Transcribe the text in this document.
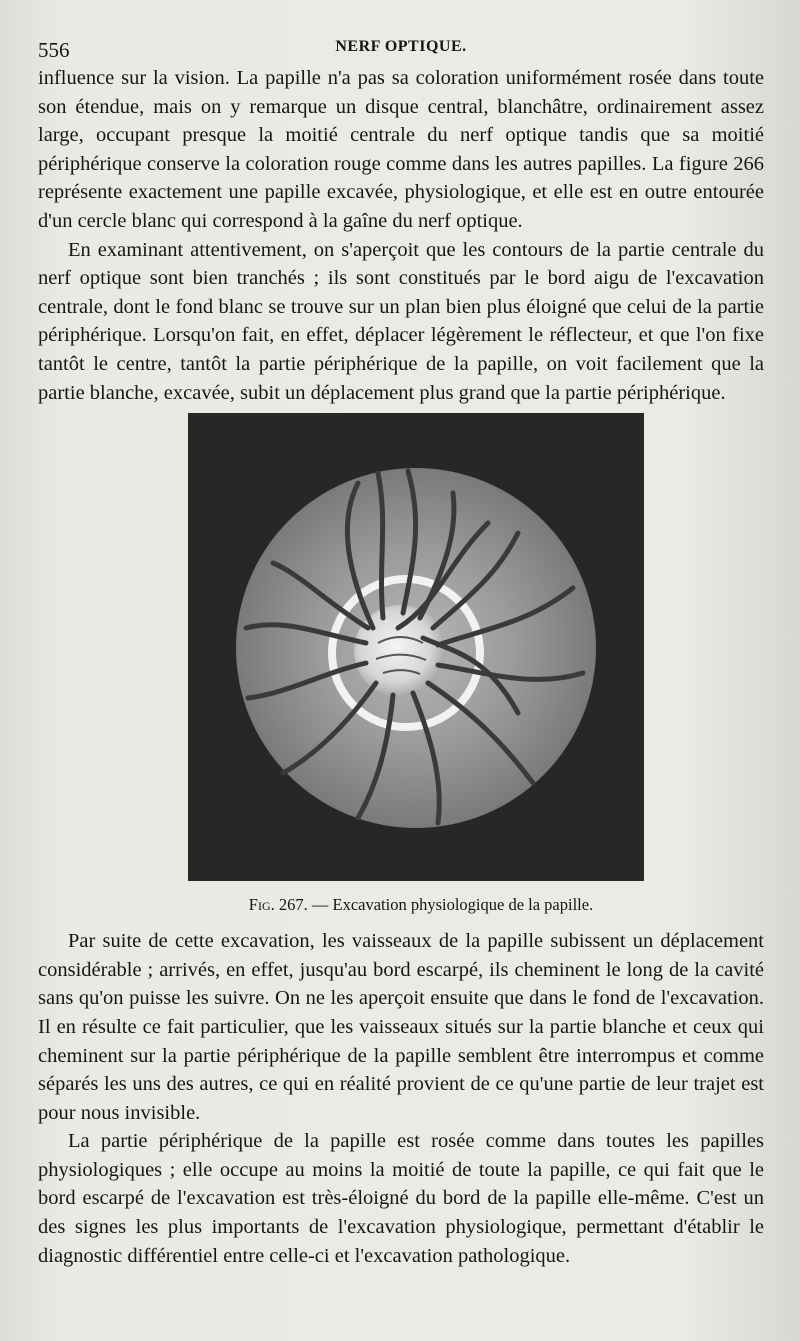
556	NERF OPTIQUE.

influence sur la vision. La papille n'a pas sa coloration uniformément rosée dans toute son étendue, mais on y remarque un disque central, blanchâtre, ordinairement assez large, occupant presque la moitié centrale du nerf optique tandis que sa moitié périphérique conserve la coloration rouge comme dans les autres papilles. La figure 266 représente exactement une papille excavée, physiologique, et elle est en outre entourée d'un cercle blanc qui correspond à la gaîne du nerf optique.

En examinant attentivement, on s'aperçoit que les contours de la partie centrale du nerf optique sont bien tranchés ; ils sont constitués par le bord aigu de l'excavation centrale, dont le fond blanc se trouve sur un plan bien plus éloigné que celui de la partie périphérique. Lorsqu'on fait, en effet, déplacer légèrement le réflecteur, et que l'on fixe tantôt le centre, tantôt la partie périphérique de la papille, on voit facilement que la partie blanche, excavée, subit un déplacement plus grand que la partie périphérique.

Fig. 267. — Excavation physiologique de la papille.

Par suite de cette excavation, les vaisseaux de la papille subissent un déplacement considérable ; arrivés, en effet, jusqu'au bord escarpé, ils cheminent le long de la cavité sans qu'on puisse les suivre. On ne les aperçoit ensuite que dans le fond de l'excavation. Il en résulte ce fait particulier, que les vaisseaux situés sur la partie blanche et ceux qui cheminent sur la partie périphérique de la papille semblent être interrompus et comme séparés les uns des autres, ce qui en réalité provient de ce qu'une partie de leur trajet est pour nous invisible.

La partie périphérique de la papille est rosée comme dans toutes les papilles physiologiques ; elle occupe au moins la moitié de toute la papille, ce qui fait que le bord escarpé de l'excavation est très-éloigné du bord de la papille elle-même. C'est un des signes les plus importants de l'excavation physiologique, permettant d'établir le diagnostic différentiel entre celle-ci et l'excavation pathologique.
